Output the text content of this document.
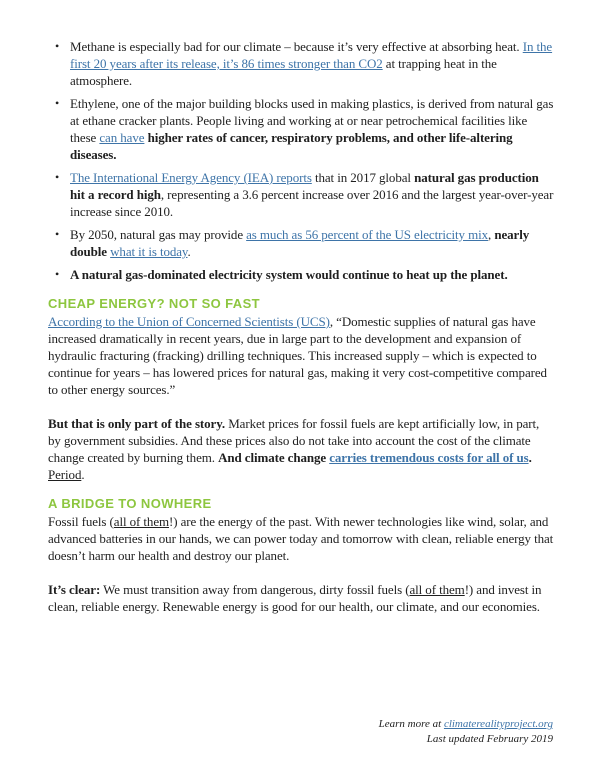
• Methane is especially bad for our climate – because it’s very effective at absorbing heat. In the first 20 years after its release, it’s 86 times stronger than CO2 at trapping heat in the atmosphere.
• Ethylene, one of the major building blocks used in making plastics, is derived from natural gas at ethane cracker plants. People living and working at or near petrochemical facilities like these can have higher rates of cancer, respiratory problems, and other life-altering diseases.
• The International Energy Agency (IEA) reports that in 2017 global natural gas production hit a record high, representing a 3.6 percent increase over 2016 and the largest year-over-year increase since 2010.
• By 2050, natural gas may provide as much as 56 percent of the US electricity mix, nearly double what it is today.
• A natural gas-dominated electricity system would continue to heat up the planet.
CHEAP ENERGY? NOT SO FAST

According to the Union of Concerned Scientists (UCS), “Domestic supplies of natural gas have increased dramatically in recent years, due in large part to the development and expansion of hydraulic fracturing (fracking) drilling techniques. This increased supply – which is expected to continue for years – has lowered prices for natural gas, making it very cost-competitive compared to other energy sources.”

But that is only part of the story. Market prices for fossil fuels are kept artificially low, in part, by government subsidies. And these prices also do not take into account the cost of the climate change created by burning them. And climate change carries tremendous costs for all of us. Period.

A BRIDGE TO NOWHERE

Fossil fuels (all of them!) are the energy of the past. With newer technologies like wind, solar, and advanced batteries in our hands, we can power today and tomorrow with clean, reliable energy that doesn’t harm our health and destroy our planet.

It’s clear: We must transition away from dangerous, dirty fossil fuels (all of them!) and invest in clean, reliable energy. Renewable energy is good for our health, our climate, and our economies.

Learn more at climaterealityproject.org
Last updated February 2019
